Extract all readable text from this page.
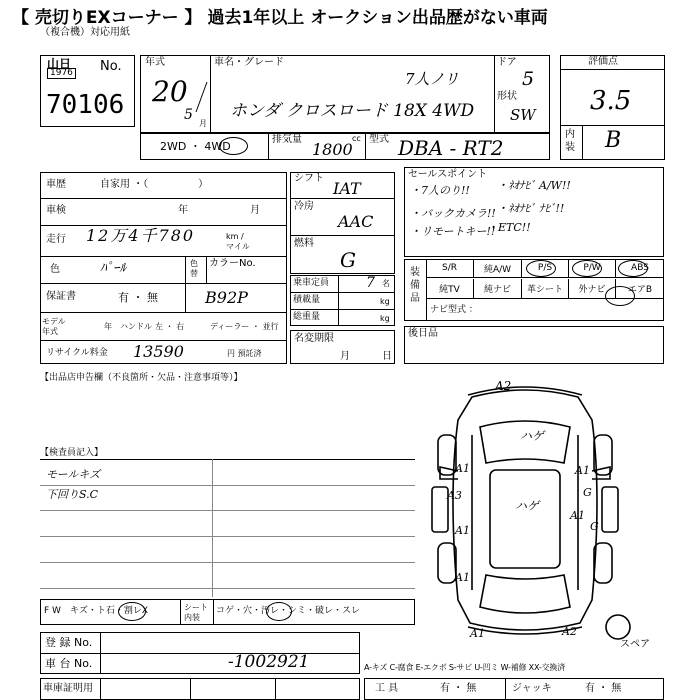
【 売切りEXコーナー 】 過去1年以上 オークション出品歴がない車両
（複合機）対応用紙
山日
1976 No.
70106
年式
20
5
月
車名・グレード
7人ノリ
ホンダ クロスロード 18X 4WD
ドア
5
形状
SW
2WD ・ 4WD
排気量	cc
1800
型式 DBA - RT2
評価点
3.5
内装 B
車歴	自家用 ・（　　　　　）
車検	年	月
走行 12万4千780	km / マイル
色	ﾊﾟｰﾙ	色替
カラーNo.
保証書	有 ・ 無	B92P
モデル年式
年 ハンドル 左 ・ 右	ディーラー ・ 並行
リサイクル料金 13590	円 預託済
シフト
IAT
冷房
AAC
燃料
G
乗車定員	7 名
積載量	kg
総重量	kg
名変期限
月	日
セールスポイント
・7人のり!! ・ﾈｵﾅﾋﾞ A/W!!
・バックカメラ!! ・ﾈｵﾅﾋﾞ ﾅﾋﾞ!!
・リモートキー!!
・ETC!!
装備品
S/R	純A/W	P/S	P/W	ABS
純TV	純ナビ	革シート	外ナビ	エアB
ナビ型式 ：
後日品
【出品店申告欄（不良箇所・欠品・注意事項等）】
【検査員記入】
モールキズ
下回りS.C
F W キズ・ト石・割レX	シート 内装
コゲ・穴・汚レ・シミ・破レ・スレ
登 録 No.
車 台 No.	-1002921
車庫証明用
A2
ハゲ
A1
A3
ハゲ
A1
G
A1
A1
G
A1
A1	A2
スペア
A-キズ C-腐食 E-エクボ S-サビ U-凹ミ W-補修 XX-交換済
工 具	有 ・ 無	ジャッキ	有 ・ 無
